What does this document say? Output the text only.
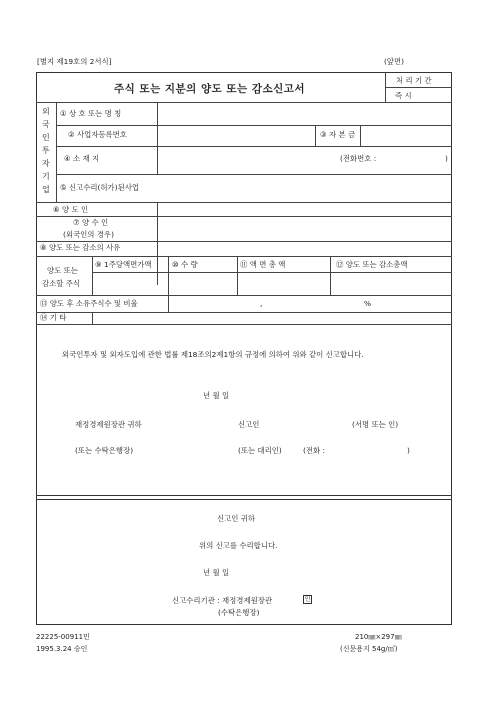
[별지 제19호의 2서식]	(앞면)
주식 또는 지분의 양도 또는 감소신고서
처 리 기 간
즉 시
외
국
인
투
자
기
업
① 상 호 또는 명 칭
② 사업자등록번호	③ 자 본 금
④ 소 재 지	(전화번호 :	)
⑤ 신고수리(허가)된사업
⑥ 양 도 인
⑦ 양 수 인
(외국인의 경우)
⑧ 양도 또는 감소의 사유
양도 또는
감소할 주식
⑨ 1주당액면가액	⑩ 수 량	⑪ 액 면 총 액	⑫ 양도 또는 감소총액
⑬ 양도 후 소유주식수 및 비율	,	%
⑭ 기 타
외국인투자 및 외자도입에 관한 법률 제18조의2제1항의 규정에 의하여 위와 같이 신고합니다.
년 월 일
재정경제원장관 귀하	신고인	(서명 또는 인)
(또는 수탁은행장)	(또는 대리인)	(전화 :	)
신고인 귀하
위의 신고를 수리합니다.
년 월 일
신고수리기관 : 재정경제원장관	인
(수탁은행장)
22225-00911민
1995.3.24 승인
210㎜×297㎜
(신문용지 54g/㎡)
